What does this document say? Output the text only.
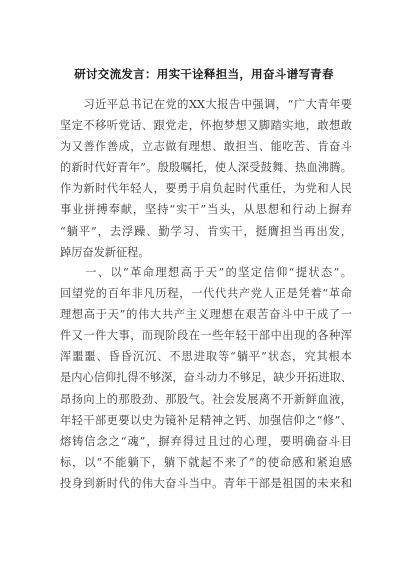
研讨交流发言：用实干诠释担当，用奋斗谱写青春
　　习近平总书记在党的XX大报告中强调，“广大青年要
坚定不移听党话、跟党走，怀抱梦想又脚踏实地，敢想敢
为又善作善成，立志做有理想、敢担当、能吃苦、肯奋斗
的新时代好青年”。殷殷嘱托，使人深受鼓舞、热血沸腾。
作为新时代年轻人，要勇于肩负起时代重任，为党和人民
事业拼搏奉献，坚持“实干”当头，从思想和行动上摒弃
“躺平”，去浮躁、勤学习、肯实干，挺膺担当再出发，
踔厉奋发新征程。
　　一、以“革命理想高于天”的坚定信仰“提状态”。
回望党的百年非凡历程，一代代共产党人正是凭着“革命
理想高于天”的伟大共产主义理想在艰苦奋斗中干成了一
件又一件大事，而现阶段在一些年轻干部中出现的各种浑
浑噩噩、昏昏沉沉、不思进取等“躺平”状态，究其根本
是内心信仰扎得不够深，奋斗动力不够足，缺少开拓进取、
昂扬向上的那股劲、那股气。社会发展离不开新鲜血液，
年轻干部更要以史为镜补足精神之钙、加强信仰之“修”、
熔铸信念之“魂”，摒弃得过且过的心理，要明确奋斗目
标，以“不能躺下，躺下就起不来了”的使命感和紧迫感
投身到新时代的伟大奋斗当中。青年干部是祖国的未来和
